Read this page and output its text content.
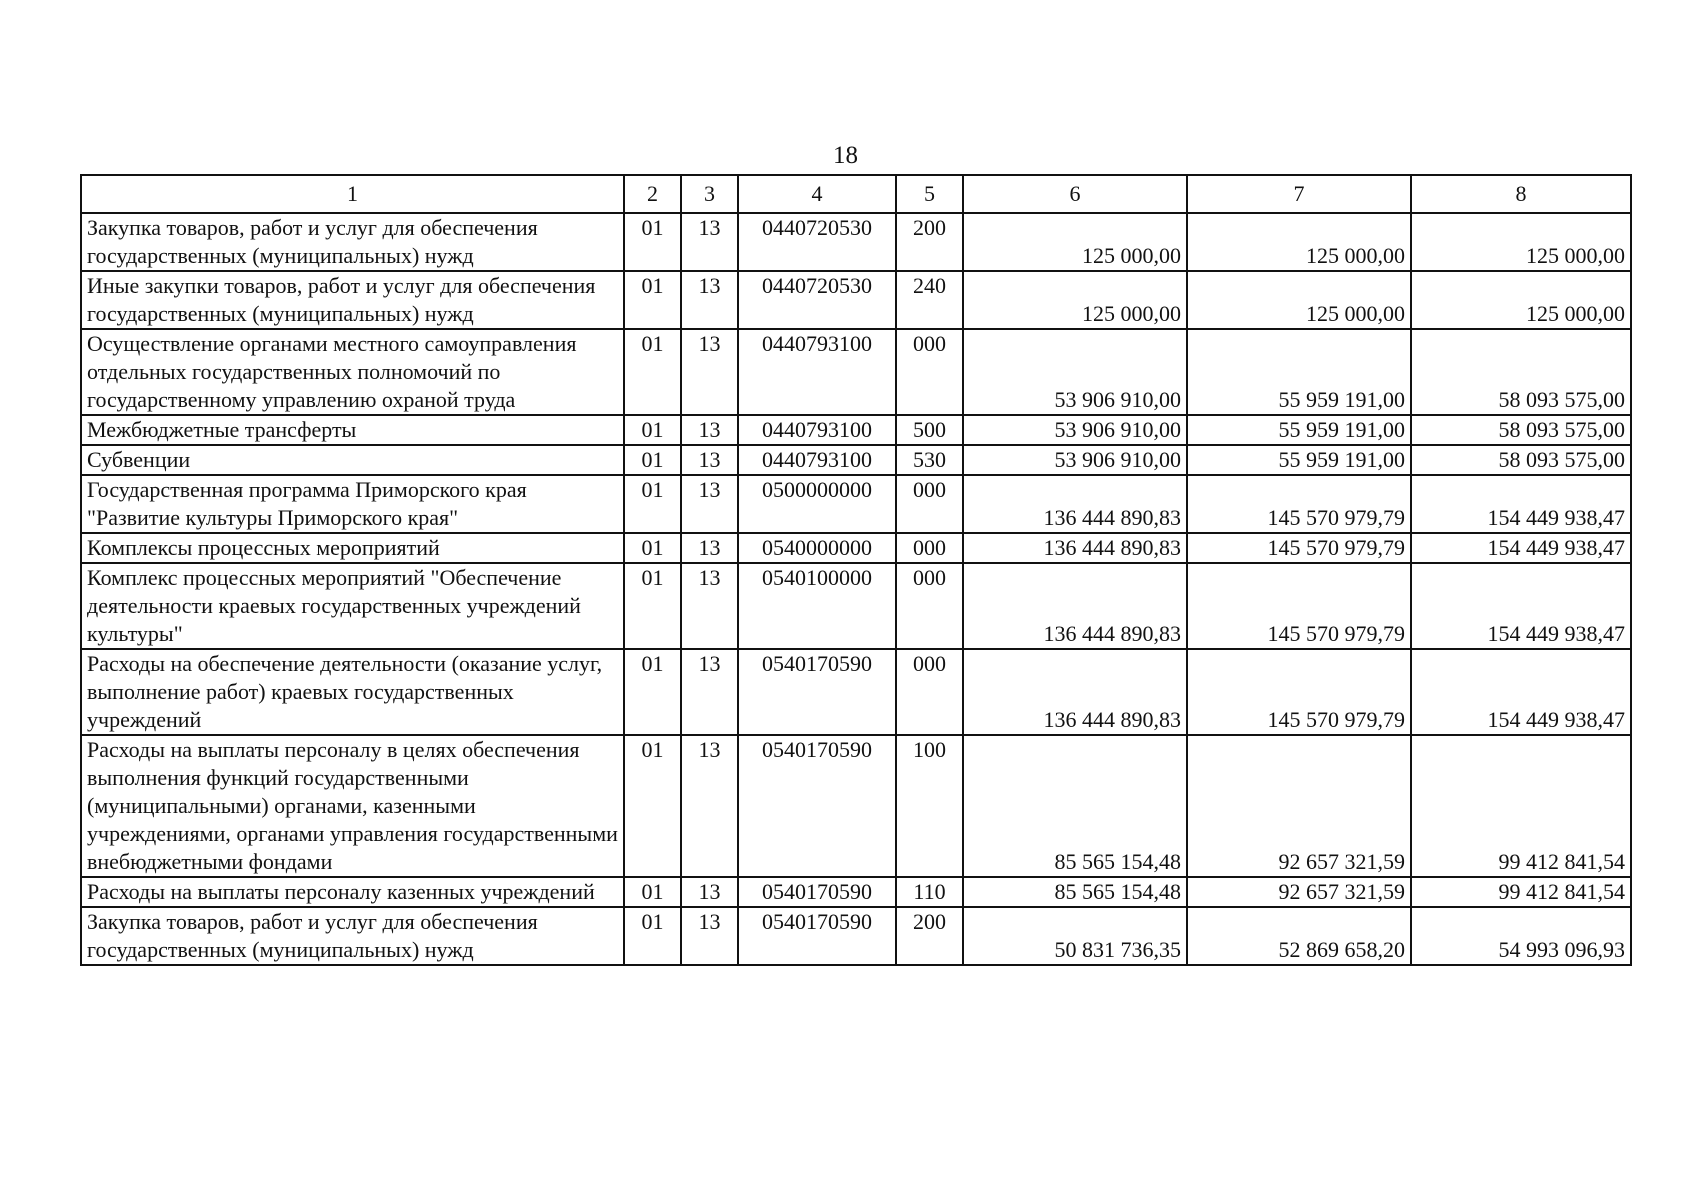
18
1	2	3	4	5	6	7	8
Закупка товаров, работ и услуг для обеспечения государственных (муниципальных) нужд	01	13	0440720530	200	125 000,00	125 000,00	125 000,00
Иные закупки товаров, работ и услуг для обеспечения государственных (муниципальных) нужд	01	13	0440720530	240	125 000,00	125 000,00	125 000,00
Осуществление органами местного самоуправления отдельных государственных полномочий по государственному управлению охраной труда	01	13	0440793100	000	53 906 910,00	55 959 191,00	58 093 575,00
Межбюджетные трансферты	01	13	0440793100	500	53 906 910,00	55 959 191,00	58 093 575,00
Субвенции	01	13	0440793100	530	53 906 910,00	55 959 191,00	58 093 575,00
Государственная программа Приморского края "Развитие культуры Приморского края"	01	13	0500000000	000	136 444 890,83	145 570 979,79	154 449 938,47
Комплексы процессных мероприятий	01	13	0540000000	000	136 444 890,83	145 570 979,79	154 449 938,47
Комплекс процессных мероприятий "Обеспечение деятельности краевых государственных учреждений культуры"	01	13	0540100000	000	136 444 890,83	145 570 979,79	154 449 938,47
Расходы на обеспечение деятельности (оказание услуг, выполнение работ) краевых государственных учреждений	01	13	0540170590	000	136 444 890,83	145 570 979,79	154 449 938,47
Расходы на выплаты персоналу в целях обеспечения выполнения функций государственными (муниципальными) органами, казенными учреждениями, органами управления государственными внебюджетными фондами	01	13	0540170590	100	85 565 154,48	92 657 321,59	99 412 841,54
Расходы на выплаты персоналу казенных учреждений	01	13	0540170590	110	85 565 154,48	92 657 321,59	99 412 841,54
Закупка товаров, работ и услуг для обеспечения государственных (муниципальных) нужд	01	13	0540170590	200	50 831 736,35	52 869 658,20	54 993 096,93
